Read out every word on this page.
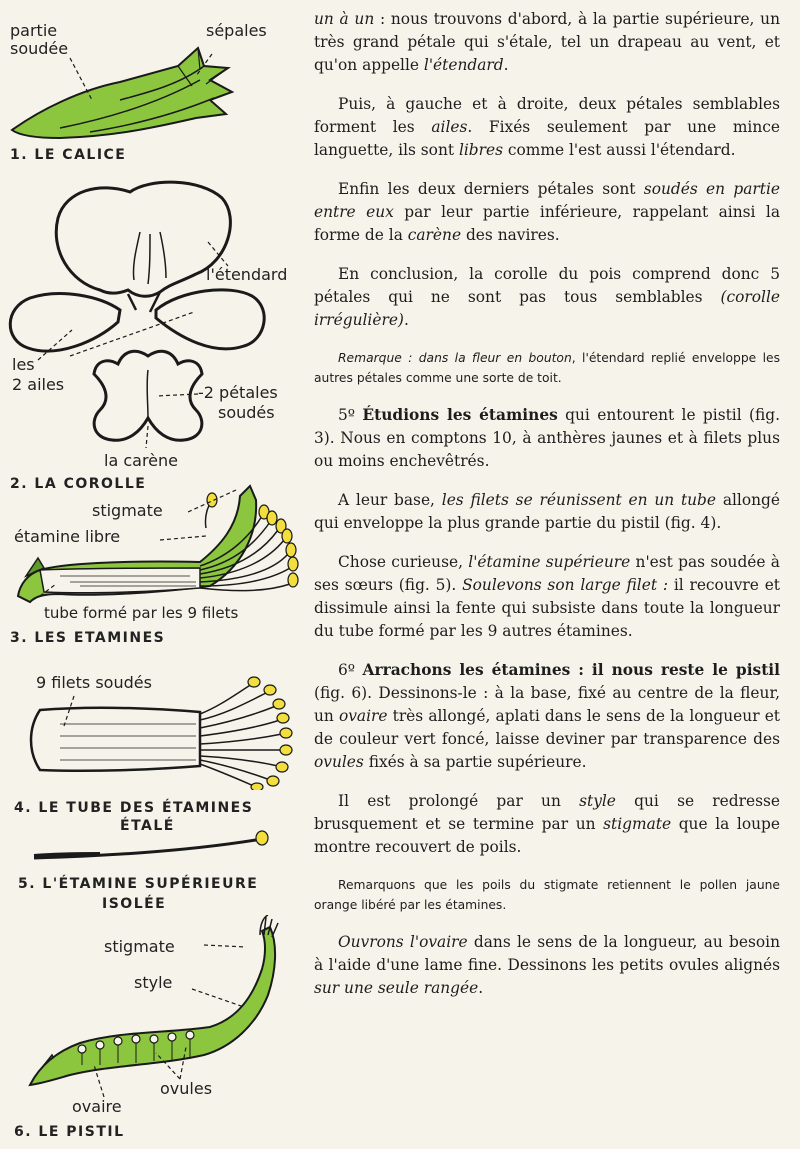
partie
soudée
sépales
1. LE CALICE
l'étendard
les
2 ailes	-2 pétales
soudés
la carène
2. LA COROLLE
stigmate
étamine libre
tube formé par les 9 filets
3. LES ETAMINES
9 filets soudés
4. LE TUBE DES ÉTAMINES
ÉTALÉ
5. L'ÉTAMINE SUPÉRIEURE
ISOLÉE
stigmate
style
ovules
ovaire
6. LE PISTIL

un à un : nous trouvons d'abord, à la partie supérieure, un très grand pétale qui s'étale, tel un drapeau au vent, et qu'on appelle l'étendard.

Puis, à gauche et à droite, deux pétales semblables forment les ailes. Fixés seulement par une mince languette, ils sont libres comme l'est aussi l'étendard.

Enfin les deux derniers pétales sont soudés en partie entre eux par leur partie inférieure, rappelant ainsi la forme de la carène des navires.

En conclusion, la corolle du pois comprend donc 5 pétales qui ne sont pas tous semblables (corolle irrégulière).

Remarque : dans la fleur en bouton, l'étendard replié enveloppe les autres pétales comme une sorte de toit.

5º Étudions les étamines qui entourent le pistil (fig. 3). Nous en comptons 10, à anthères jaunes et à filets plus ou moins enchevêtrés.

A leur base, les filets se réunissent en un tube allongé qui enveloppe la plus grande partie du pistil (fig. 4).

Chose curieuse, l'étamine supérieure n'est pas soudée à ses sœurs (fig. 5). Soulevons son large filet : il recouvre et dissimule ainsi la fente qui subsiste dans toute la longueur du tube formé par les 9 autres étamines.

6º Arrachons les étamines : il nous reste le pistil (fig. 6). Dessinons-le : à la base, fixé au centre de la fleur, un ovaire très allongé, aplati dans le sens de la longueur et de couleur vert foncé, laisse deviner par transparence des ovules fixés à sa partie supérieure.

Il est prolongé par un style qui se redresse brusquement et se termine par un stigmate que la loupe montre recouvert de poils.

Remarquons que les poils du stigmate retiennent le pollen jaune orange libéré par les étamines.

Ouvrons l'ovaire dans le sens de la longueur, au besoin à l'aide d'une lame fine. Dessinons les petits ovules alignés sur une seule rangée.
